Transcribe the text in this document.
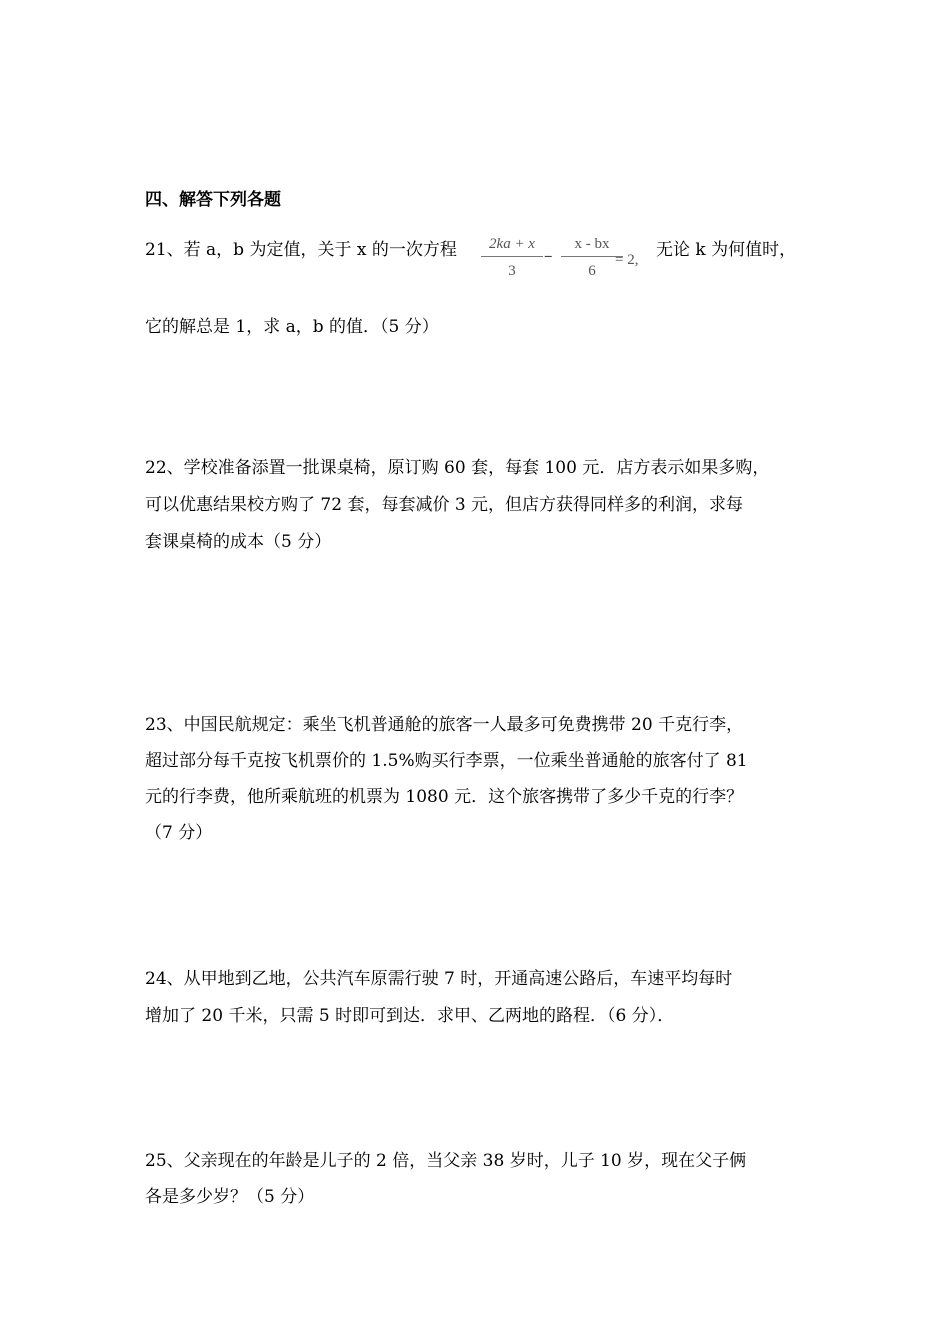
四、解答下列各题
21、若 a，b 为定值，关于 x 的一次方程	2ka + x
3
–
x - bx
6
= 2, 无论 k 为何值时，
它的解总是 1，求 a，b 的值．（5 分）
22、学校准备添置一批课桌椅，原订购 60 套，每套 100 元．店方表示如果多购，
可以优惠结果校方购了 72 套，每套减价 3 元，但店方获得同样多的利润，求每
套课桌椅的成本（5 分）
23、中国民航规定：乘坐飞机普通舱的旅客一人最多可免费携带 20 千克行李，
超过部分每千克按飞机票价的 1.5%购买行李票，一位乘坐普通舱的旅客付了 81
元的行李费，他所乘航班的机票为 1080 元．这个旅客携带了多少千克的行李？
（7 分）
24、从甲地到乙地，公共汽车原需行驶 7 时，开通高速公路后，车速平均每时
增加了 20 千米，只需 5 时即可到达．求甲、乙两地的路程．（6 分）．
25、父亲现在的年龄是儿子的 2 倍，当父亲 38 岁时，儿子 10 岁，现在父子俩
各是多少岁？（5 分）
